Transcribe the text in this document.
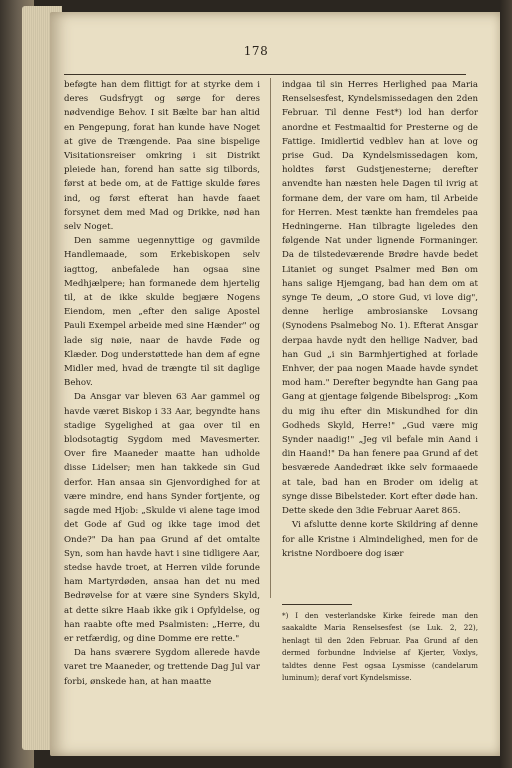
178

beføgte han dem flittigt for at styrke dem i deres Gudsfrygt og sørge for deres nødvendige Behov. I sit Bælte bar han altid en Pengepung, forat han kunde have Noget at give de Trængende. Paa sine bispelige Visitationsreiser omkring i sit Distrikt pleiede han, forend han satte sig tilbords, først at bede om, at de Fattige skulde føres ind, og først efterat han havde faaet forsynet dem med Mad og Drikke, nød han selv Noget.

Den samme uegennyttige og gavmilde Handlemaade, som Erkebiskopen selv iagttog, anbefalede han ogsaa sine Medhjælpere; han formanede dem hjertelig til, at de ikke skulde begjære Nogens Eiendom, men „efter den salige Apostel Pauli Exempel arbeide med sine Hænder" og lade sig nøie, naar de havde Føde og Klæder. Dog understøttede han dem af egne Midler med, hvad de trængte til sit daglige Behov.

Da Ansgar var bleven 63 Aar gammel og havde været Biskop i 33 Aar, begyndte hans stadige Sygelighed at gaa over til en blodsotagtig Sygdom med Mavesmerter. Over fire Maaneder maatte han udholde disse Lidelser; men han takkede sin Gud derfor. Han ansaa sin Gjenvordighed for at være mindre, end hans Synder fortjente, og sagde med Hjob: „Skulde vi alene tage imod det Gode af Gud og ikke tage imod det Onde?" Da han paa Grund af det omtalte Syn, som han havde havt i sine tidligere Aar, stedse havde troet, at Herren vilde forunde ham Martyrdøden, ansaa han det nu med Bedrøvelse for at være sine Synders Skyld, at dette sikre Haab ikke gik i Opfyldelse, og han raabte ofte med Psalmisten: „Herre, du er retfærdig, og dine Domme ere rette."

Da hans sværere Sygdom allerede havde varet tre Maaneder, og trettende Dag Jul var forbi, ønskede han, at han maatte

indgaa til sin Herres Herlighed paa Maria Renselsesfest, Kyndelsmissedagen den 2den Februar. Til denne Fest*) lod han derfor anordne et Festmaaltid for Presterne og de Fattige. Imidlertid vedblev han at love og prise Gud. Da Kyndelsmissedagen kom, holdtes først Gudstjenesterne; derefter anvendte han næsten hele Dagen til ivrig at formane dem, der vare om ham, til Arbeide for Herren. Mest tænkte han fremdeles paa Hedningerne. Han tilbragte ligeledes den følgende Nat under lignende Formaninger. Da de tilstedeværende Brødre havde bedet Litaniet og sunget Psalmer med Bøn om hans salige Hjemgang, bad han dem om at synge Te deum, „O store Gud, vi love dig", denne herlige ambrosianske Lovsang (Synodens Psalmebog No. 1). Efterat Ansgar derpaa havde nydt den hellige Nadver, bad han Gud „i sin Barmhjertighed at forlade Enhver, der paa nogen Maade havde syndet mod ham." Derefter begyndte han Gang paa Gang at gjentage følgende Bibelsprog: „Kom du mig ihu efter din Miskundhed for din Godheds Skyld, Herre!" „Gud være mig Synder naadig!" „Jeg vil befale min Aand i din Haand!" Da han fenere paa Grund af det besværede Aandedræt ikke selv formaaede at tale, bad han en Broder om idelig at synge disse Bibelsteder. Kort efter døde han. Dette skede den 3die Februar Aaret 865.

Vi afslutte denne korte Skildring af denne for alle Kristne i Almindelighed, men for de kristne Nordboere dog især

*) I den vesterlandske Kirke feirede man den saakaldte Maria Renselsesfest (se Luk. 2, 22), henlagt til den 2den Februar. Paa Grund af den dermed forbundne Indvielse af Kjerter, Voxlys, taldtes denne Fest ogsaa Lysmisse (candelarum luminum); deraf vort Kyndelsmisse.
